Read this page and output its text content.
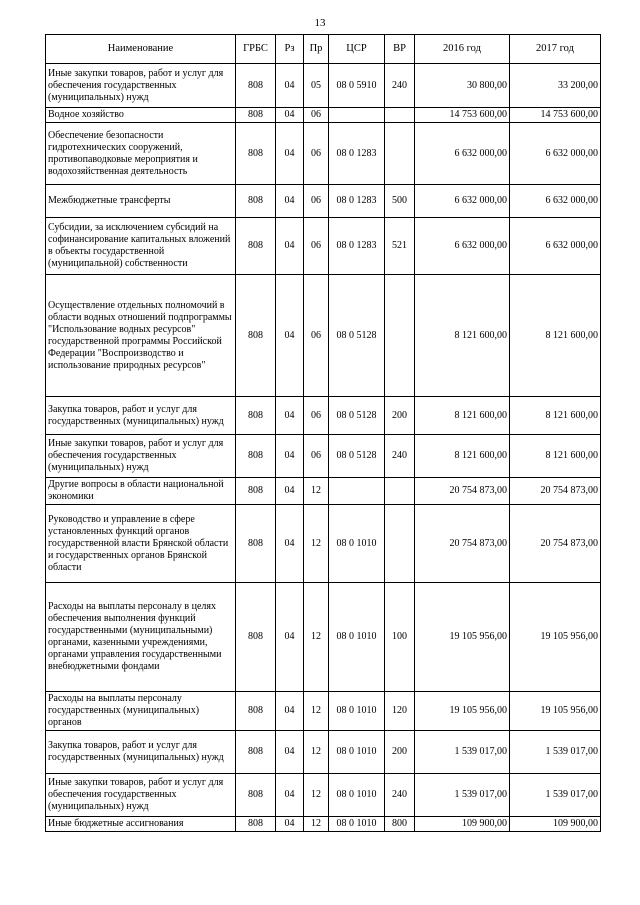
13
Наименование	ГРБС	Рз	Пр	ЦСР	ВР	2016 год	2017 год
Иные закупки товаров, работ и услуг для обеспечения государственных (муниципальных) нужд	808	04	05	08 0 5910	240	30 800,00	33 200,00
Водное хозяйство	808	04	06			14 753 600,00	14 753 600,00
Обеспечение безопасности гидротехнических сооружений, противопаводковые мероприятия и водохозяйственная деятельность	808	04	06	08 0 1283		6 632 000,00	6 632 000,00
Межбюджетные трансферты	808	04	06	08 0 1283	500	6 632 000,00	6 632 000,00
Субсидии, за исключением субсидий на софинансирование капитальных вложений в объекты государственной (муниципальной) собственности	808	04	06	08 0 1283	521	6 632 000,00	6 632 000,00
Осуществление отдельных полномочий в области водных отношений подпрограммы "Использование водных ресурсов" государственной программы Российской Федерации "Воспроизводство и использование природных ресурсов"	808	04	06	08 0 5128		8 121 600,00	8 121 600,00
Закупка товаров, работ и услуг для государственных (муниципальных) нужд	808	04	06	08 0 5128	200	8 121 600,00	8 121 600,00
Иные закупки товаров, работ и услуг для обеспечения государственных (муниципальных) нужд	808	04	06	08 0 5128	240	8 121 600,00	8 121 600,00
Другие вопросы в области национальной экономики	808	04	12			20 754 873,00	20 754 873,00
Руководство и управление в сфере установленных функций органов государственной власти Брянской области и государственных органов Брянской области	808	04	12	08 0 1010		20 754 873,00	20 754 873,00
Расходы на выплаты персоналу в целях обеспечения выполнения функций государственными (муниципальными) органами, казенными учреждениями, органами управления государственными внебюджетными фондами	808	04	12	08 0 1010	100	19 105 956,00	19 105 956,00
Расходы на выплаты персоналу государственных (муниципальных) органов	808	04	12	08 0 1010	120	19 105 956,00	19 105 956,00
Закупка товаров, работ и услуг для государственных (муниципальных) нужд	808	04	12	08 0 1010	200	1 539 017,00	1 539 017,00
Иные закупки товаров, работ и услуг для обеспечения государственных (муниципальных) нужд	808	04	12	08 0 1010	240	1 539 017,00	1 539 017,00
Иные бюджетные ассигнования	808	04	12	08 0 1010	800	109 900,00	109 900,00
